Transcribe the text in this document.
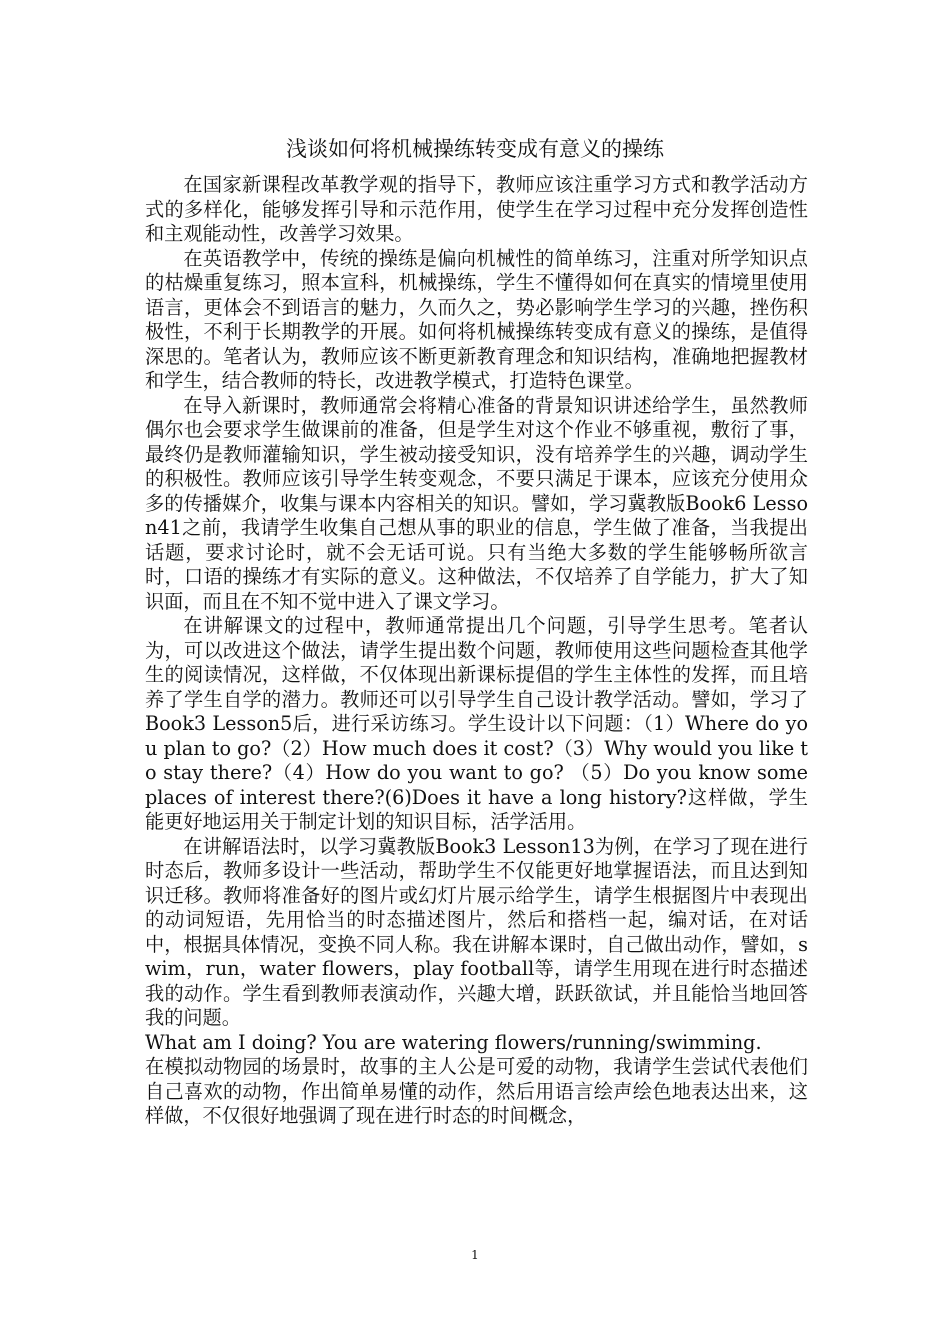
浅谈如何将机械操练转变成有意义的操练

在国家新课程改革教学观的指导下，教师应该注重学习方式和教学活动方式的多样化，能够发挥引导和示范作用，使学生在学习过程中充分发挥创造性和主观能动性，改善学习效果。

在英语教学中，传统的操练是偏向机械性的简单练习，注重对所学知识点的枯燥重复练习，照本宣科，机械操练，学生不懂得如何在真实的情境里使用语言，更体会不到语言的魅力，久而久之，势必影响学生学习的兴趣，挫伤积极性，不利于长期教学的开展。如何将机械操练转变成有意义的操练，是值得深思的。笔者认为，教师应该不断更新教育理念和知识结构，准确地把握教材和学生，结合教师的特长，改进教学模式，打造特色课堂。

在导入新课时，教师通常会将精心准备的背景知识讲述给学生，虽然教师偶尔也会要求学生做课前的准备，但是学生对这个作业不够重视，敷衍了事，最终仍是教师灌输知识，学生被动接受知识，没有培养学生的兴趣，调动学生的积极性。教师应该引导学生转变观念，不要只满足于课本，应该充分使用众多的传播媒介，收集与课本内容相关的知识。譬如，学习冀教版Book6 Lesson41之前，我请学生收集自己想从事的职业的信息，学生做了准备，当我提出话题，要求讨论时，就不会无话可说。只有当绝大多数的学生能够畅所欲言时，口语的操练才有实际的意义。这种做法，不仅培养了自学能力，扩大了知识面，而且在不知不觉中进入了课文学习。

在讲解课文的过程中，教师通常提出几个问题，引导学生思考。笔者认为，可以改进这个做法，请学生提出数个问题，教师使用这些问题检查其他学生的阅读情况，这样做，不仅体现出新课标提倡的学生主体性的发挥，而且培养了学生自学的潜力。教师还可以引导学生自己设计教学活动。譬如，学习了Book3 Lesson5后，进行采访练习。学生设计以下问题：（1）Where do you plan to go?（2）How much does it cost?（3）Why would you like to stay there?（4）How do you want to go? （5）Do you know some places of interest there?(6)Does it have a long history?这样做，学生能更好地运用关于制定计划的知识目标，活学活用。

在讲解语法时，以学习冀教版Book3 Lesson13为例，在学习了现在进行时态后，教师多设计一些活动，帮助学生不仅能更好地掌握语法，而且达到知识迁移。教师将准备好的图片或幻灯片展示给学生，请学生根据图片中表现出的动词短语，先用恰当的时态描述图片，然后和搭档一起，编对话，在对话中，根据具体情况，变换不同人称。我在讲解本课时，自己做出动作，譬如，swim，run，water flowers，play football等，请学生用现在进行时态描述我的动作。学生看到教师表演动作，兴趣大增，跃跃欲试，并且能恰当地回答我的问题。

What am I doing? You are watering flowers/running/swimming.

在模拟动物园的场景时，故事的主人公是可爱的动物，我请学生尝试代表他们自己喜欢的动物，作出简单易懂的动作，然后用语言绘声绘色地表达出来，这样做，不仅很好地强调了现在进行时态的时间概念，

1
